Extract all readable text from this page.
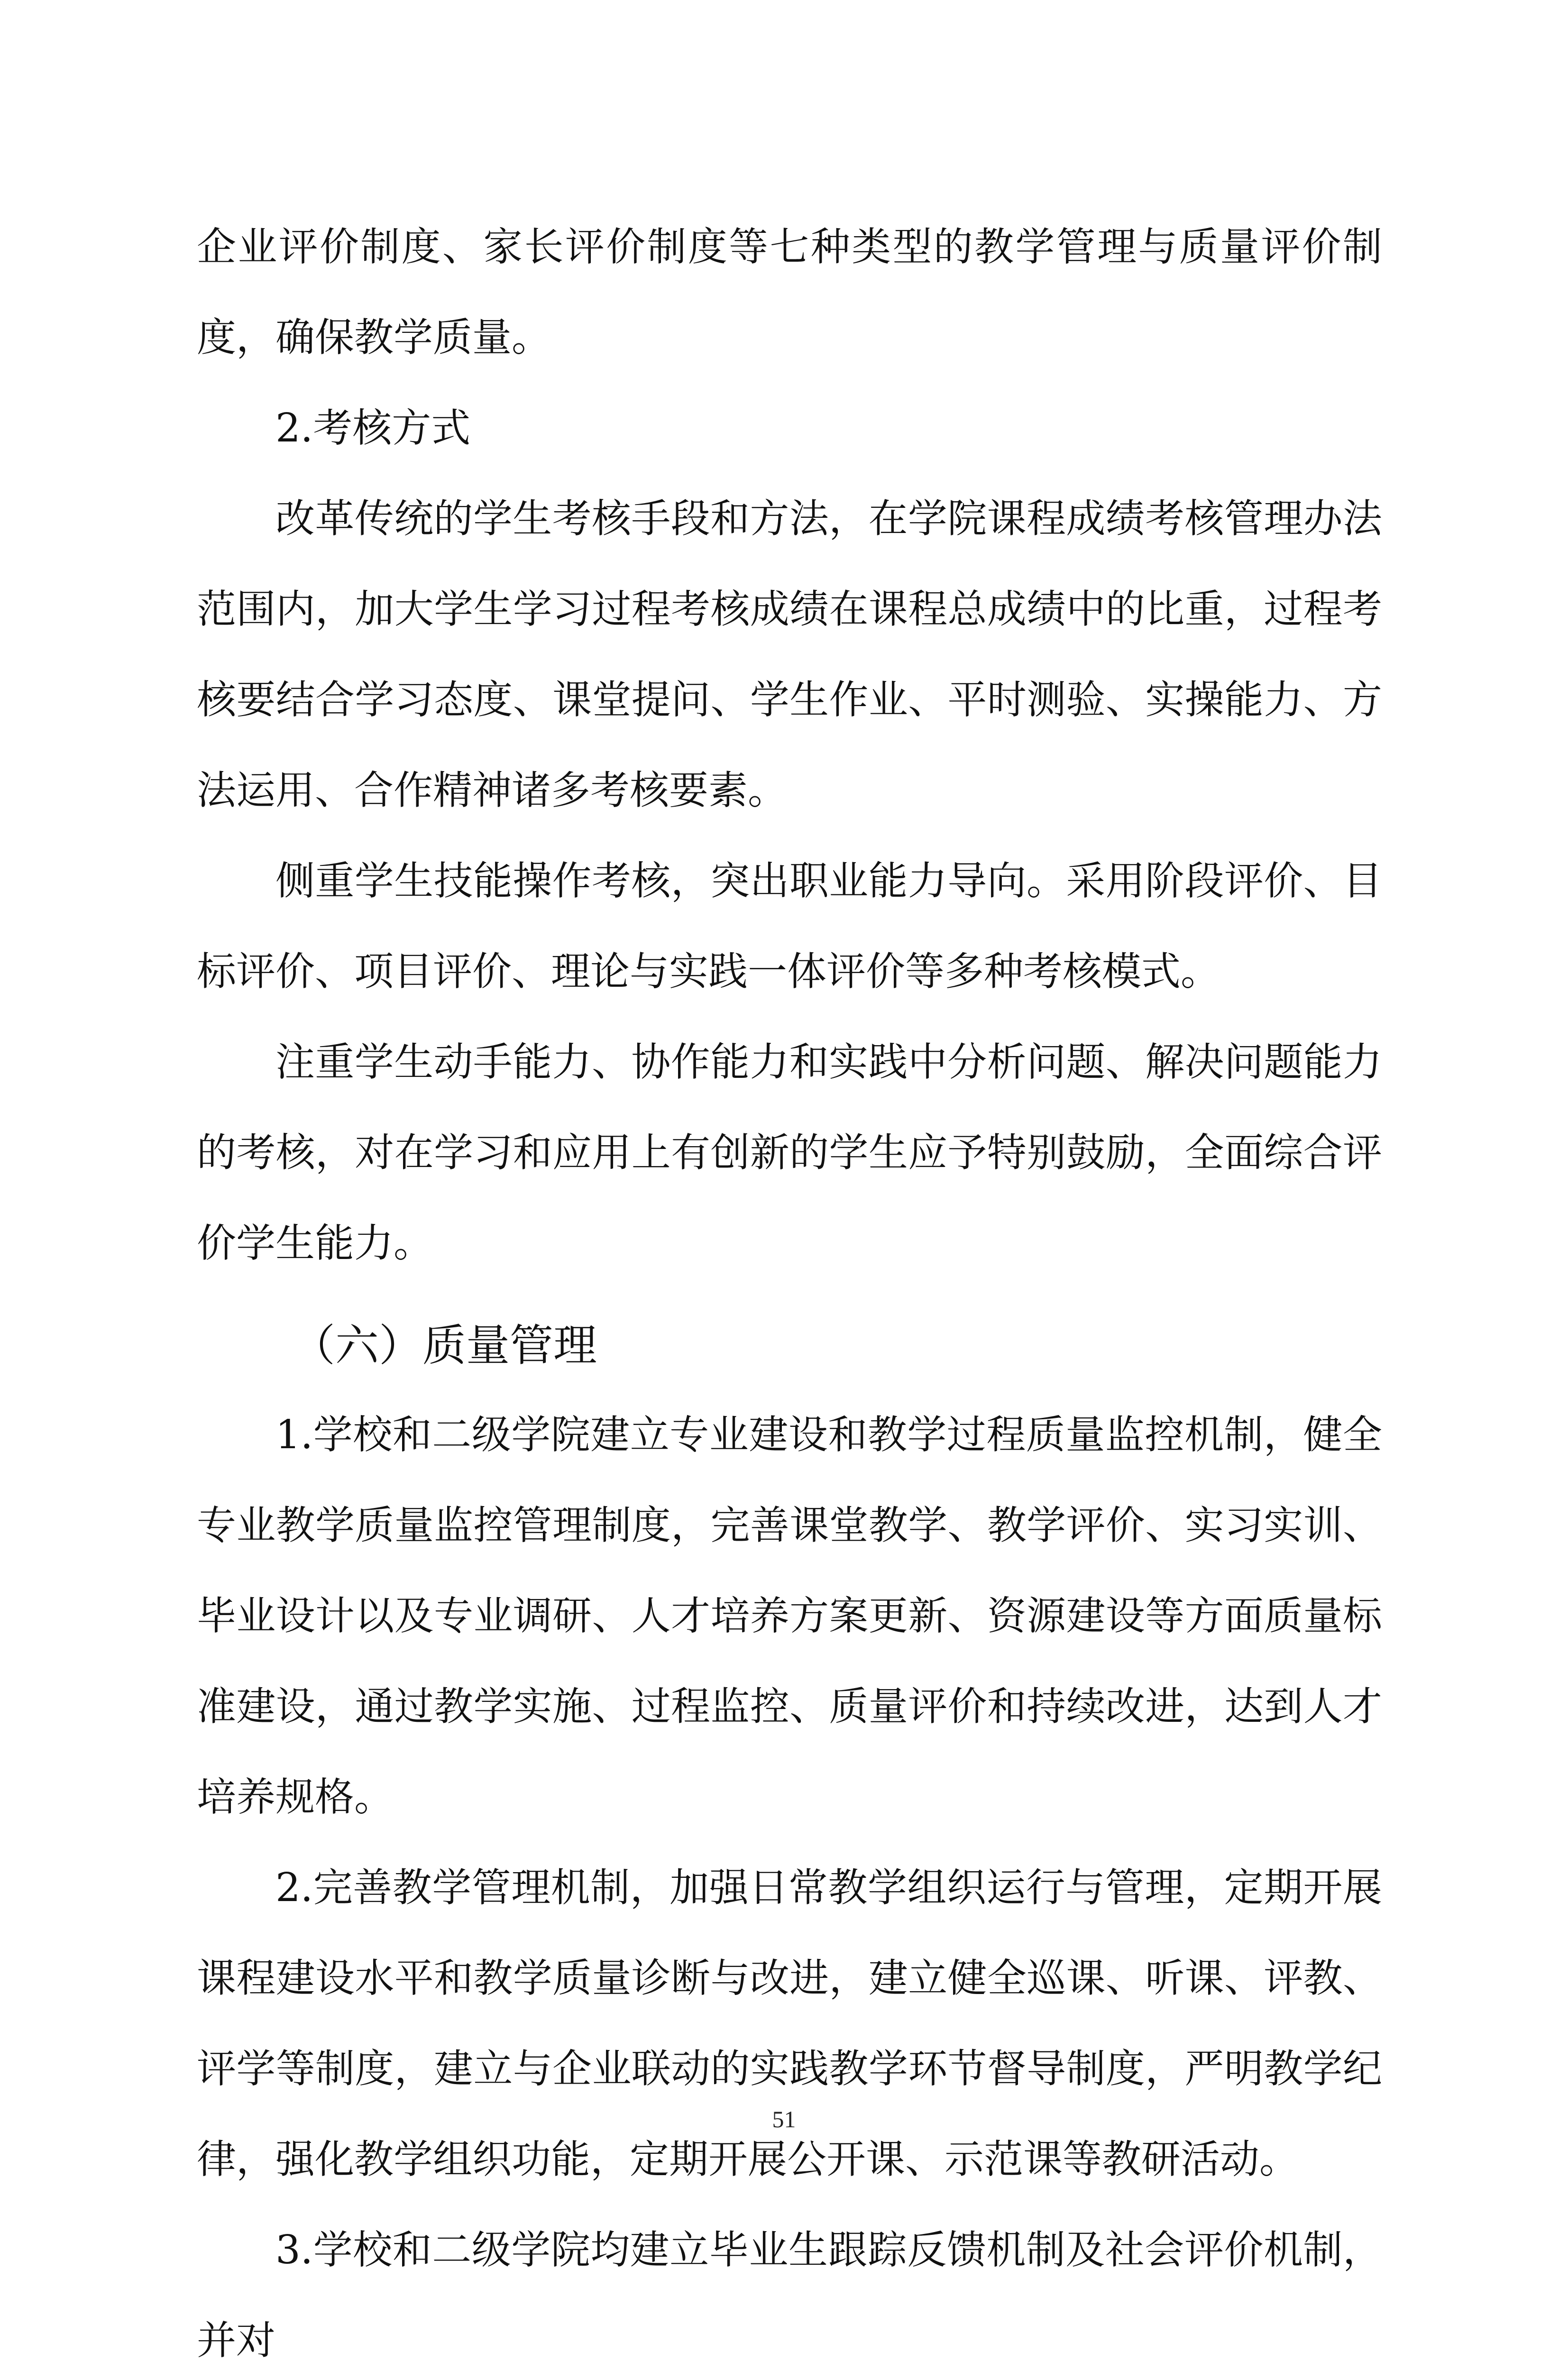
企业评价制度、家长评价制度等七种类型的教学管理与质量评价制度，确保教学质量。

2.考核方式

改革传统的学生考核手段和方法，在学院课程成绩考核管理办法范围内，加大学生学习过程考核成绩在课程总成绩中的比重，过程考核要结合学习态度、课堂提问、学生作业、平时测验、实操能力、方法运用、合作精神诸多考核要素。

侧重学生技能操作考核，突出职业能力导向。采用阶段评价、目标评价、项目评价、理论与实践一体评价等多种考核模式。

注重学生动手能力、协作能力和实践中分析问题、解决问题能力的考核，对在学习和应用上有创新的学生应予特别鼓励，全面综合评价学生能力。

（六）质量管理

1.学校和二级学院建立专业建设和教学过程质量监控机制，健全专业教学质量监控管理制度，完善课堂教学、教学评价、实习实训、毕业设计以及专业调研、人才培养方案更新、资源建设等方面质量标准建设，通过教学实施、过程监控、质量评价和持续改进，达到人才培养规格。

2.完善教学管理机制，加强日常教学组织运行与管理，定期开展课程建设水平和教学质量诊断与改进，建立健全巡课、听课、评教、评学等制度，建立与企业联动的实践教学环节督导制度，严明教学纪律，强化教学组织功能，定期开展公开课、示范课等教研活动。

3.学校和二级学院均建立毕业生跟踪反馈机制及社会评价机制，并对

51
